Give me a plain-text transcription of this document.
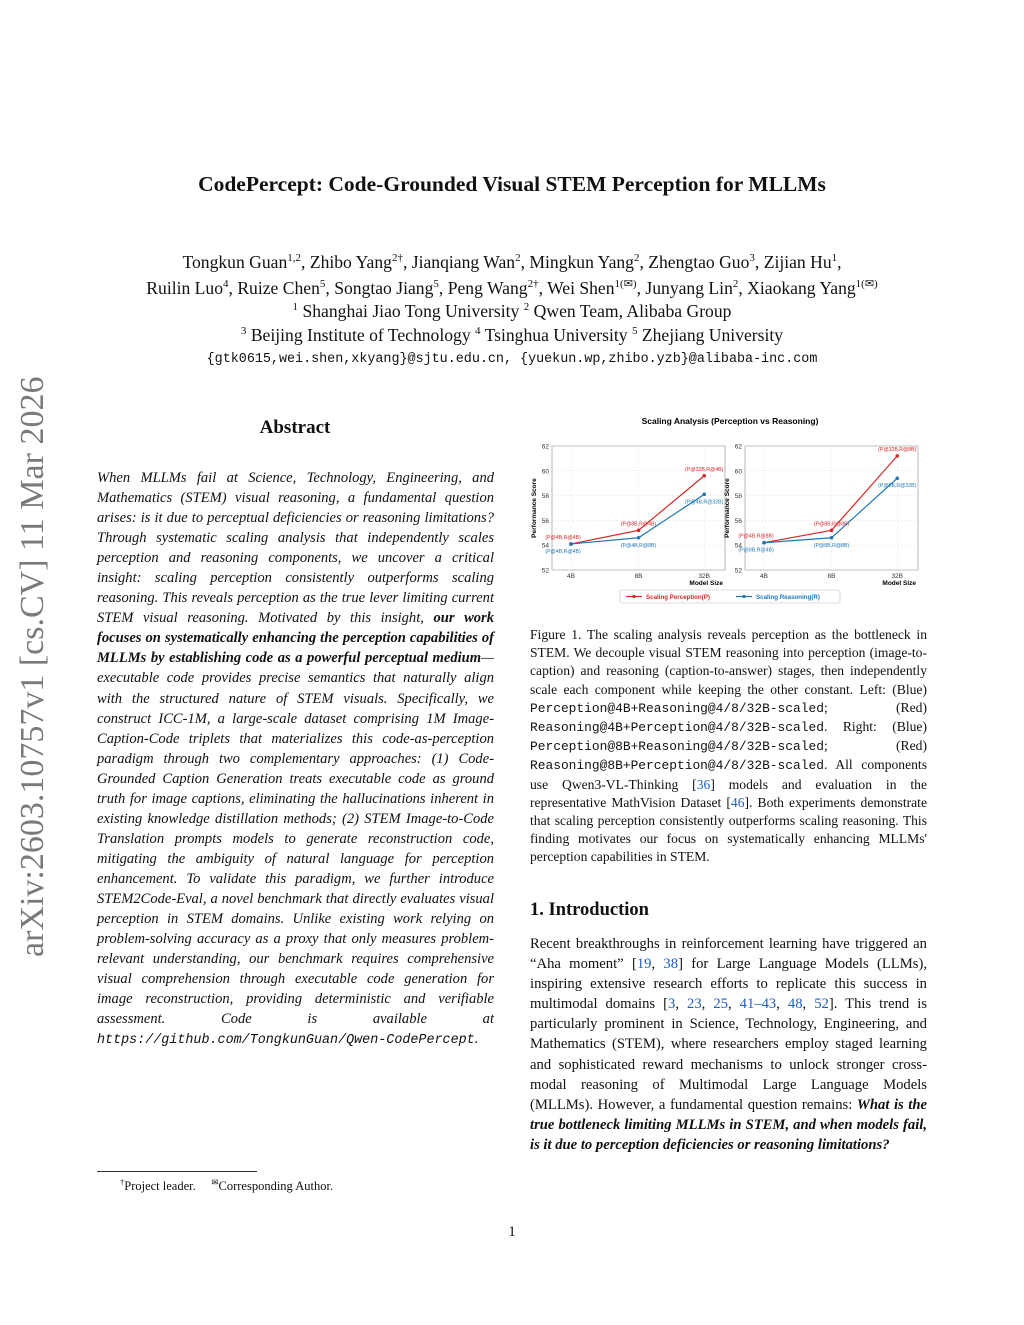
CodePercept: Code-Grounded Visual STEM Perception for MLLMs
arXiv:2603.10757v1 [cs.CV] 11 Mar 2026
Tongkun Guan$^{1,2}$, Zhibo Yang$^{2\dagger}$, Jianqiang Wan$^2$, Mingkun Yang$^2$, Zhengtao Guo$^3$, Zijian Hu$^1$,
Ruilin Luo$^4$, Ruize Chen$^5$, Songtao Jiang$^5$, Peng Wang$^{2\dagger}$, Wei Shen$^{1(✉)}$, Junyang Lin$^2$, Xiaokang Yang$^{1(✉)}$
$^1$ Shanghai Jiao Tong University $^2$ Qwen Team, Alibaba Group
$^3$ Beijing Institute of Technology $^4$ Tsinghua University $^5$ Zhejiang University
{gtk0615,wei.shen,xkyang}@sjtu.edu.cn, {yuekun.wp,zhibo.yzb}@alibaba-inc.com
Abstract
When MLLMs fail at Science, Technology, Engineering, and Mathematics (STEM) visual reasoning, a fundamental question arises: is it due to perceptual deficiencies or reasoning limitations? Through systematic scaling analysis that independently scales perception and reasoning components, we uncover a critical insight: scaling perception consistently outperforms scaling reasoning. This reveals perception as the true lever limiting current STEM visual reasoning. Motivated by this insight, our work focuses on systematically enhancing the perception capabilities of MLLMs by establishing code as a powerful perceptual medium—executable code provides precise semantics that naturally align with the structured nature of STEM visuals. Specifically, we construct ICC-1M, a large-scale dataset comprising 1M Image-Caption-Code triplets that materializes this code-as-perception paradigm through two complementary approaches: (1) Code-Grounded Caption Generation treats executable code as ground truth for image captions, eliminating the hallucinations inherent in existing knowledge distillation methods; (2) STEM Image-to-Code Translation prompts models to generate reconstruction code, mitigating the ambiguity of natural language for perception enhancement. To validate this paradigm, we further introduce STEM2Code-Eval, a novel benchmark that directly evaluates visual perception in STEM domains. Unlike existing work relying on problem-solving accuracy as a proxy that only measures problem-relevant understanding, our benchmark requires comprehensive visual comprehension through executable code generation for image reconstruction, providing deterministic and verifiable assessment. Code is available at https://github.com/TongkunGuan/Qwen-CodePercept.
†Project leader. ✉Corresponding Author.
Scaling Analysis (Perception vs Reasoning)
52
54
56
58
60
62
4B	8B	32B
Model Size
Performance Score
(P@4B,R@4B)
(P@8B,R@4B)
(P@32B,R@4B)
(P@4B,R@4B)
(P@4B,R@8B)
(P@4B,R@32B)
52
54
56
58
60
62
4B	8B	32B
Model Size
Performance Score (P@4B,R@8B)
(P@8B,R@8B)
(P@32B,R@8B)
(P@8B,R@4B)
(P@8B,R@8B)
(P@8B,R@32B)
Scaling Perception(P)	Scaling Reasoning(R)
Figure 1. The scaling analysis reveals perception as the bottleneck in STEM. We decouple visual STEM reasoning into perception (image-to-caption) and reasoning (caption-to-answer) stages, then independently scale each component while keeping the other constant. Left: (Blue) Perception@4B+Reasoning@4/8/32B-scaled; (Red) Reasoning@4B+Perception@4/8/32B-scaled. Right: (Blue) Perception@8B+Reasoning@4/8/32B-scaled; (Red) Reasoning@8B+Perception@4/8/32B-scaled. All components use Qwen3-VL-Thinking [36] models and evaluation in the representative MathVision Dataset [46]. Both experiments demonstrate that scaling perception consistently outperforms scaling reasoning. This finding motivates our focus on systematically enhancing MLLMs' perception capabilities in STEM.
1. Introduction
Recent breakthroughs in reinforcement learning have triggered an “Aha moment” [19, 38] for Large Language Models (LLMs), inspiring extensive research efforts to replicate this success in multimodal domains [3, 23, 25, 41–43, 48, 52]. This trend is particularly prominent in Science, Technology, Engineering, and Mathematics (STEM), where researchers employ staged learning and sophisticated reward mechanisms to unlock stronger cross-modal reasoning of Multimodal Large Language Models (MLLMs). However, a fundamental question remains: What is the true bottleneck limiting MLLMs in STEM, and when models fail, is it due to perception deficiencies or reasoning limitations?
1
